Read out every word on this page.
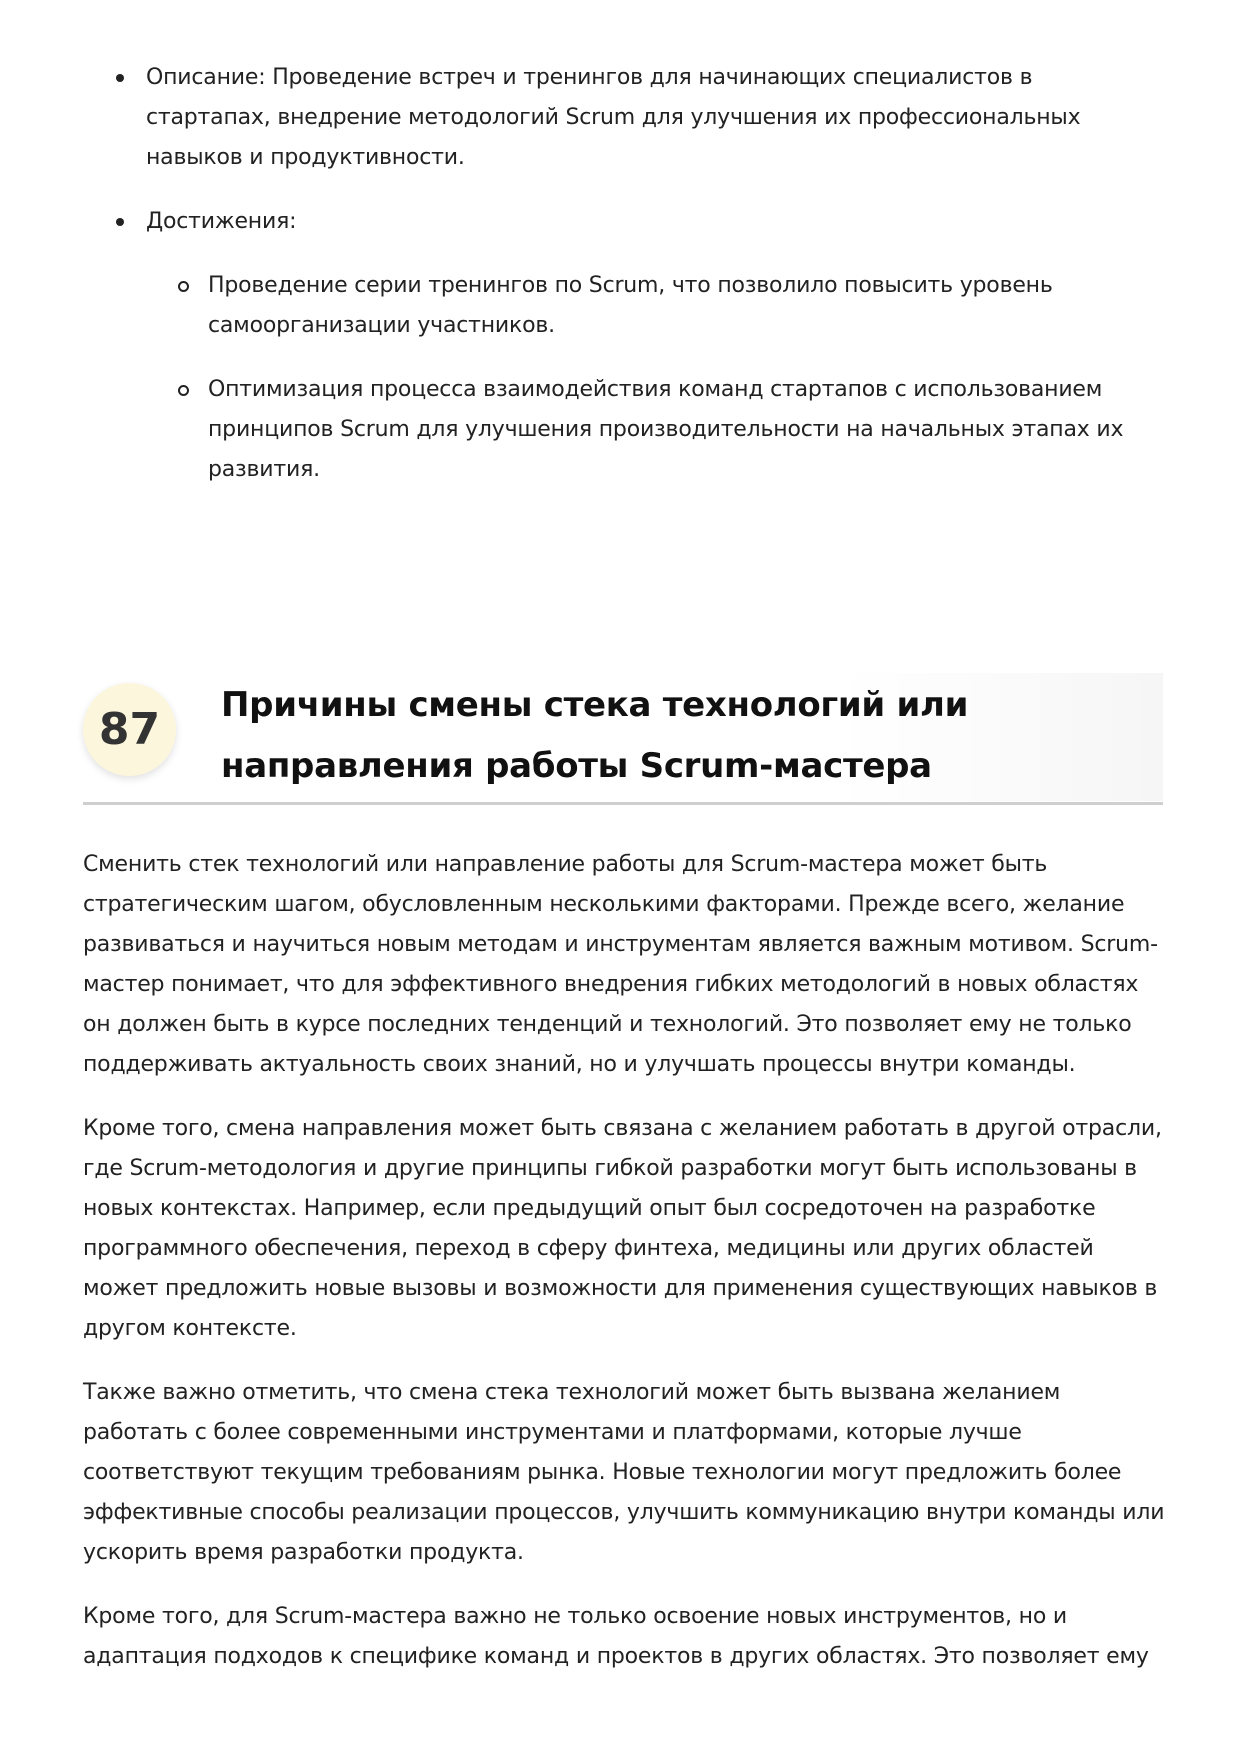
Описание: Проведение встреч и тренингов для начинающих специалистов в стартапах, внедрение методологий Scrum для улучшения их профессиональных навыков и продуктивности.
Достижения:
Проведение серии тренингов по Scrum, что позволило повысить уровень самоорганизации участников.
Оптимизация процесса взаимодействия команд стартапов с использованием принципов Scrum для улучшения производительности на начальных этапах их развития.
87	Причины смены стека технологий или направления работы Scrum-мастера

Сменить стек технологий или направление работы для Scrum-мастера может быть стратегическим шагом, обусловленным несколькими факторами. Прежде всего, желание развиваться и научиться новым методам и инструментам является важным мотивом. Scrum-мастер понимает, что для эффективного внедрения гибких методологий в новых областях он должен быть в курсе последних тенденций и технологий. Это позволяет ему не только поддерживать актуальность своих знаний, но и улучшать процессы внутри команды.

Кроме того, смена направления может быть связана с желанием работать в другой отрасли, где Scrum-методология и другие принципы гибкой разработки могут быть использованы в новых контекстах. Например, если предыдущий опыт был сосредоточен на разработке программного обеспечения, переход в сферу финтеха, медицины или других областей может предложить новые вызовы и возможности для применения существующих навыков в другом контексте.

Также важно отметить, что смена стека технологий может быть вызвана желанием работать с более современными инструментами и платформами, которые лучше соответствуют текущим требованиям рынка. Новые технологии могут предложить более эффективные способы реализации процессов, улучшить коммуникацию внутри команды или ускорить время разработки продукта.

Кроме того, для Scrum-мастера важно не только освоение новых инструментов, но и адаптация подходов к специфике команд и проектов в других областях. Это позволяет ему
